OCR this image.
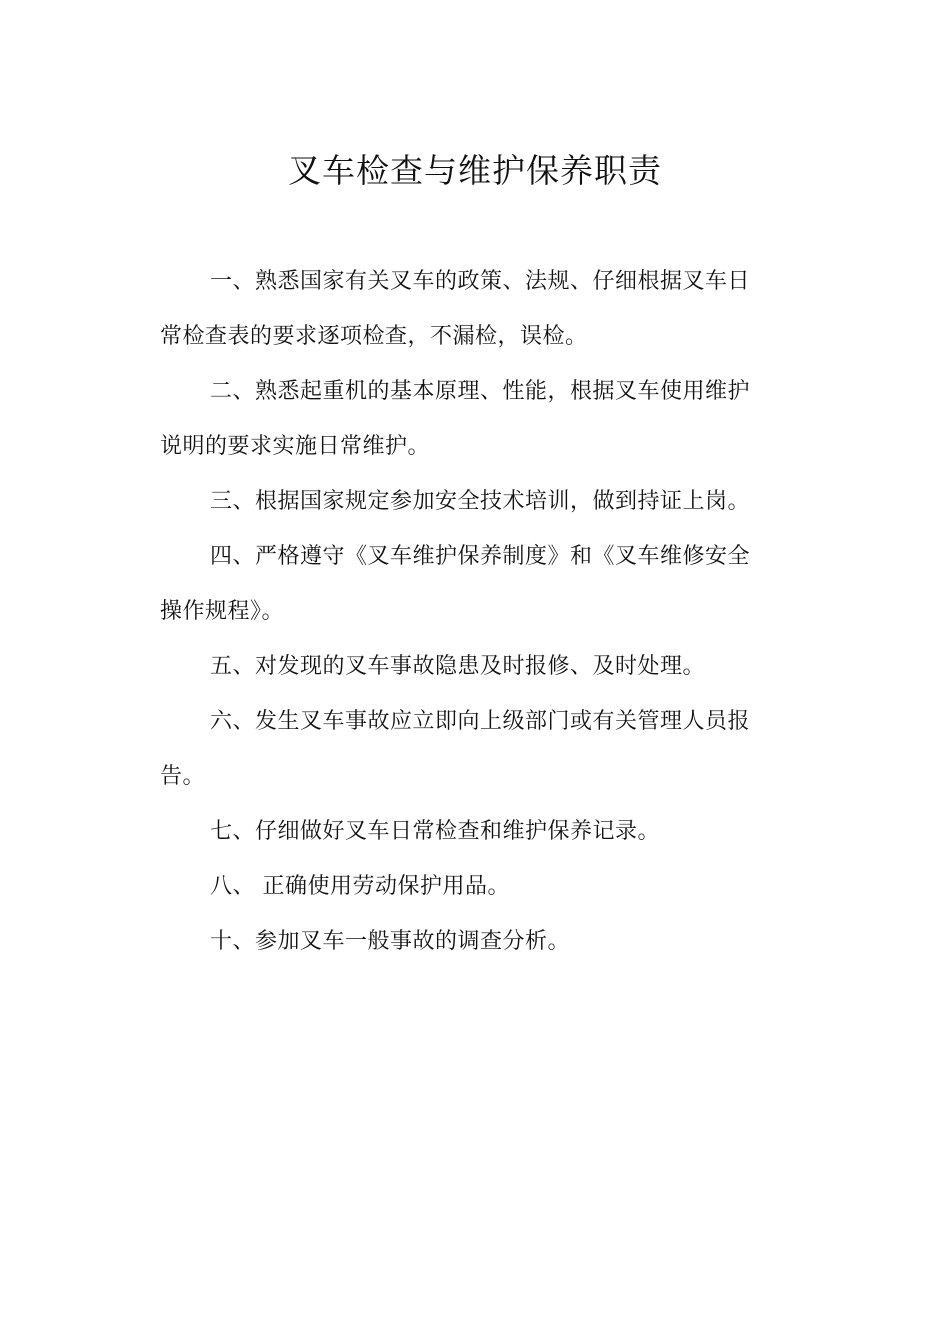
叉车检查与维护保养职责

一、熟悉国家有关叉车的政策、法规、仔细根据叉车日常检查表的要求逐项检查，不漏检，误检。

二、熟悉起重机的基本原理、性能，根据叉车使用维护说明的要求实施日常维护。

三、根据国家规定参加安全技术培训，做到持证上岗。

四、严格遵守《叉车维护保养制度》和《叉车维修安全操作规程》。

五、对发现的叉车事故隐患及时报修、及时处理。

六、发生叉车事故应立即向上级部门或有关管理人员报告。

七、仔细做好叉车日常检查和维护保养记录。

八、 正确使用劳动保护用品。

十、参加叉车一般事故的调查分析。
